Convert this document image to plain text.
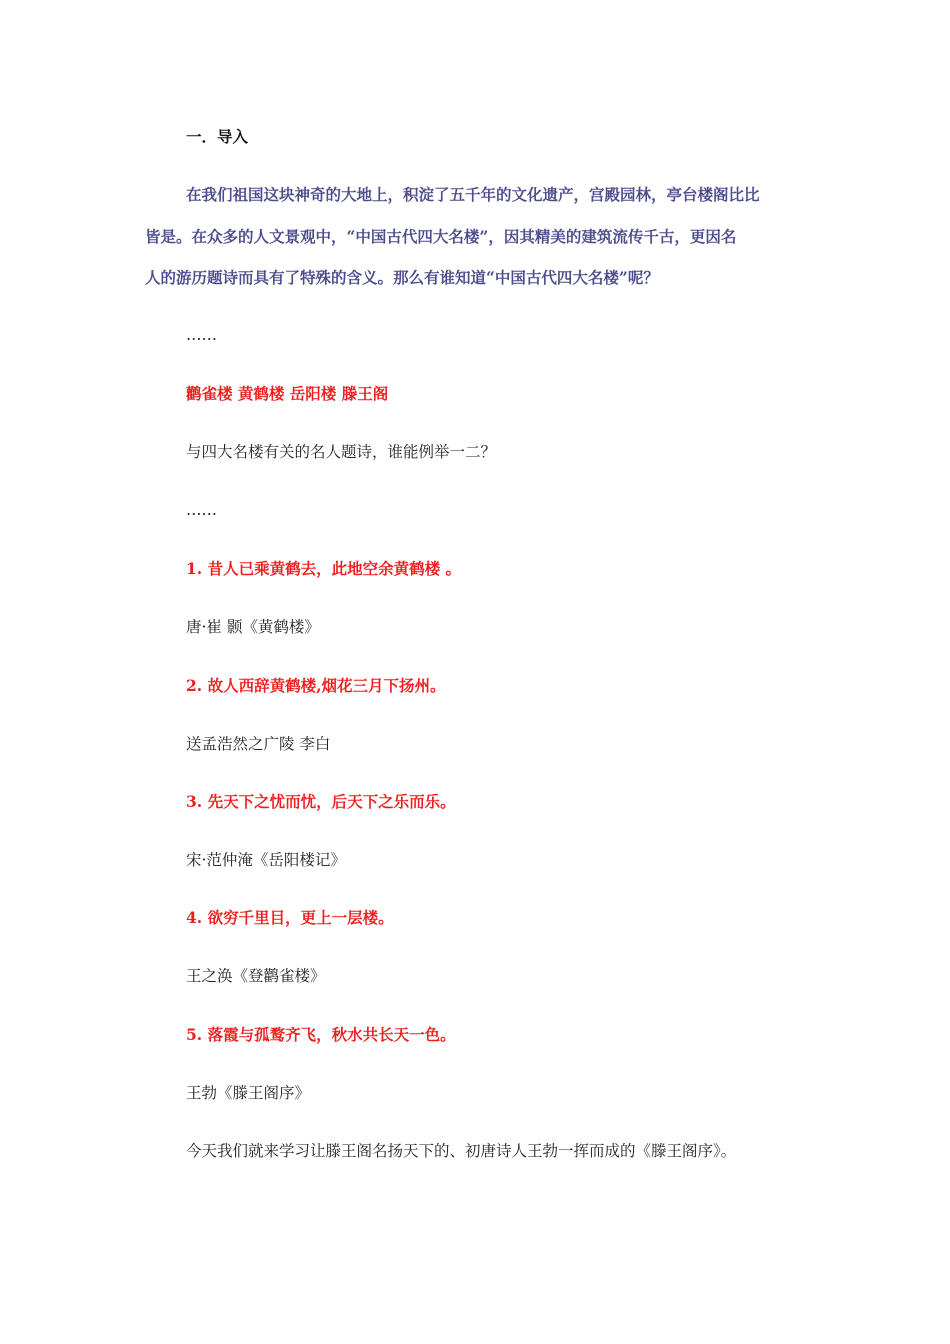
一．导入
在我们祖国这块神奇的大地上，积淀了五千年的文化遗产，宫殿园林，亭台楼阁比比
皆是。在众多的人文景观中，“中国古代四大名楼”，因其精美的建筑流传千古，更因名
人的游历题诗而具有了特殊的含义。那么有谁知道“中国古代四大名楼”呢？
……
鹳雀楼 黄鹤楼 岳阳楼 滕王阁
与四大名楼有关的名人题诗，谁能例举一二？
……
1. 昔人已乘黄鹤去，此地空余黄鹤楼 。
唐·崔 颢《黄鹤楼》
2. 故人西辞黄鹤楼,烟花三月下扬州。
送孟浩然之广陵 李白
3. 先天下之忧而忧，后天下之乐而乐。
宋·范仲淹《岳阳楼记》
4. 欲穷千里目，更上一层楼。
王之涣《登鹳雀楼》
5. 落霞与孤鹜齐飞，秋水共长天一色。
王勃《滕王阁序》
今天我们就来学习让滕王阁名扬天下的、初唐诗人王勃一挥而成的《滕王阁序》。
